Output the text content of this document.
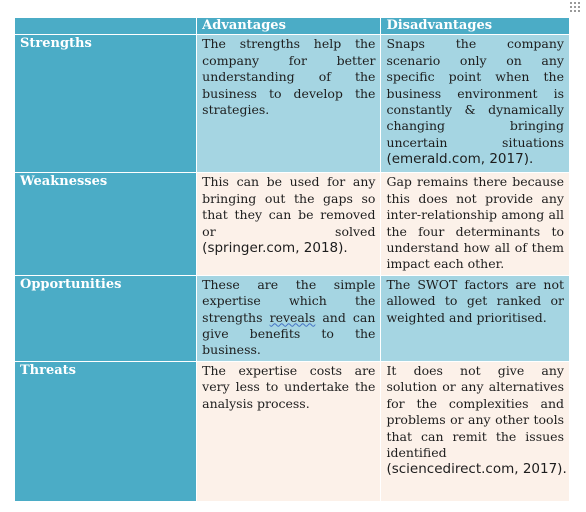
	Advantages	Disadvantages
Strengths	The strengths help the company for better understanding of the business to develop the strategies.	Snaps the company scenario only on any specific point when the business environment is constantly & dynamically changing bringing uncertain situations (emerald.com, 2017).
Weaknesses	This can be used for any bringing out the gaps so that they can be removed or solved (springer.com, 2018).	Gap remains there because this does not provide any inter-relationship among all the four determinants to understand how all of them impact each other.
Opportunities	These are the simple expertise which the strengths reveals and can give benefits to the business.	The SWOT factors are not allowed to get ranked or weighted and prioritised.
Threats	The expertise costs are very less to undertake the analysis process.	It does not give any solution or any alternatives for the complexities and problems or any other tools that can remit the issues identified (sciencedirect.com, 2017).
